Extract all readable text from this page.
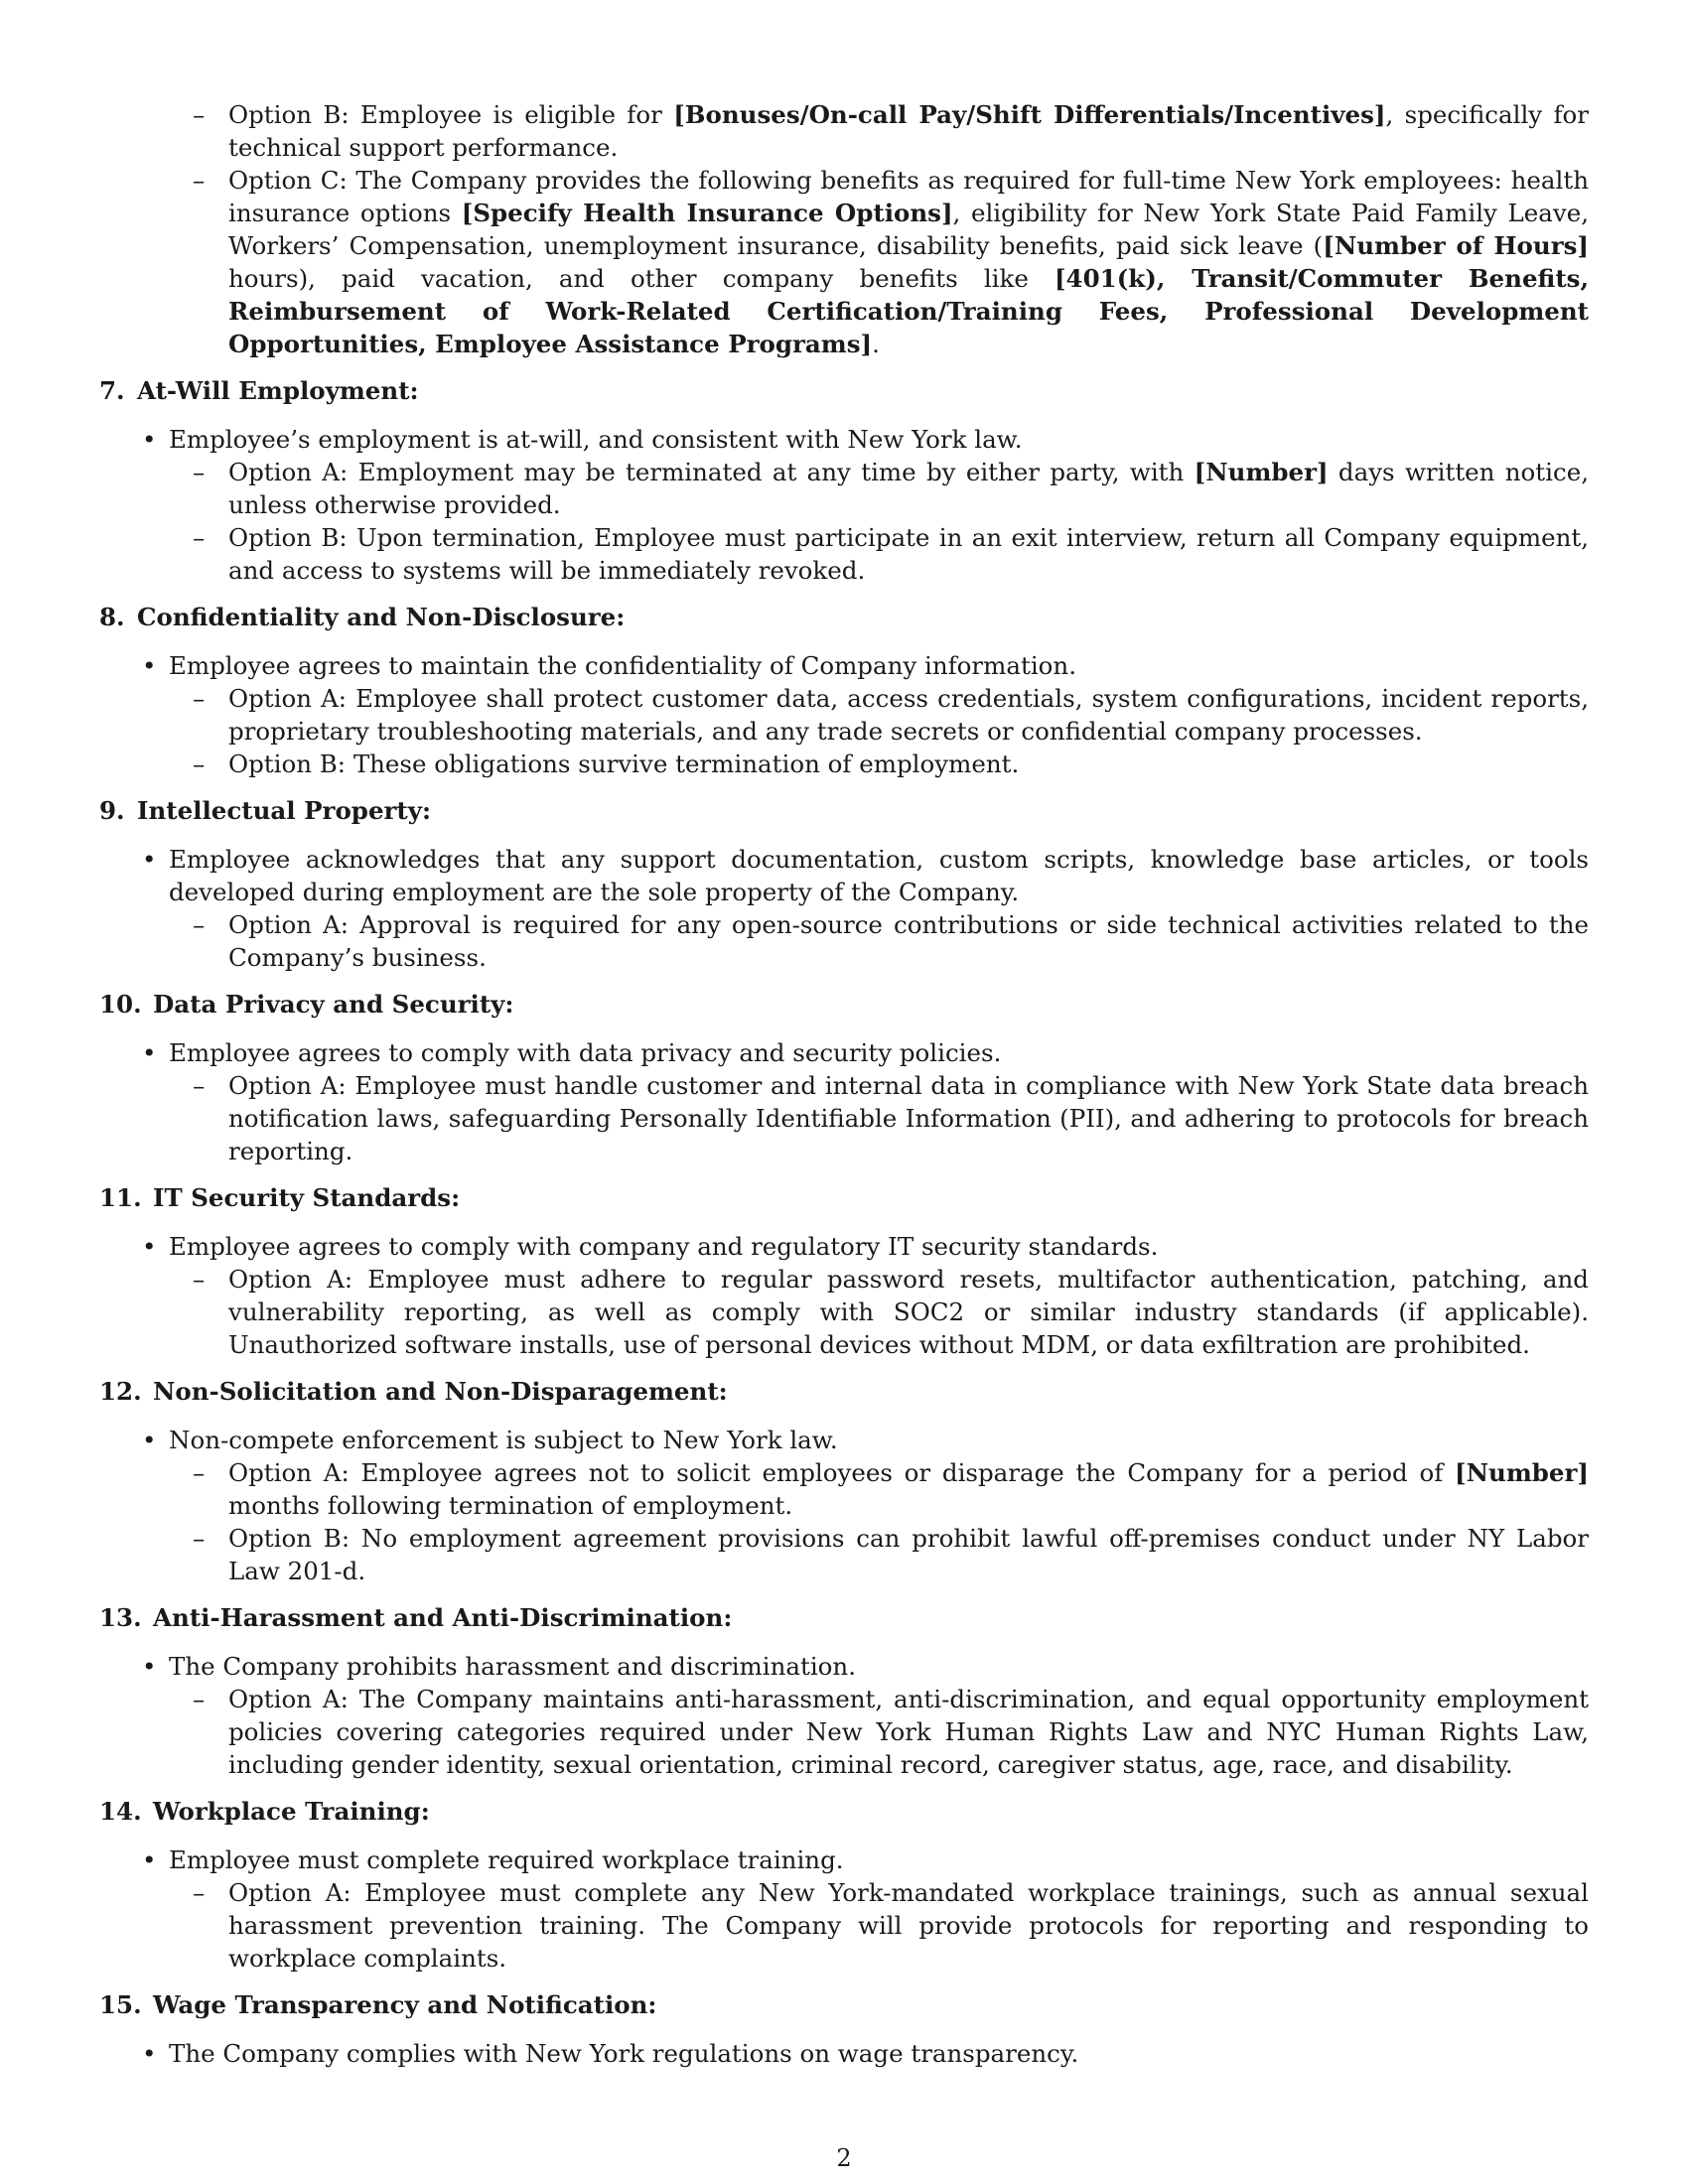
– Option B: Employee is eligible for [Bonuses/On-call Pay/Shift Differentials/Incentives], specifically for technical support performance.
– Option C: The Company provides the following benefits as required for full-time New York employees: health insurance options [Specify Health Insurance Options], eligibility for New York State Paid Family Leave, Workers’ Compensation, unemployment insurance, disability benefits, paid sick leave ([Number of Hours] hours), paid vacation, and other company benefits like [401(k), Transit/Commuter Benefits, Reimbursement of Work-Related Certification/Training Fees, Professional Development Opportunities, Employee Assistance Programs].
7. At-Will Employment:
• Employee’s employment is at-will, and consistent with New York law.
– Option A: Employment may be terminated at any time by either party, with [Number] days written notice, unless otherwise provided.
– Option B: Upon termination, Employee must participate in an exit interview, return all Company equipment, and access to systems will be immediately revoked.
8. Confidentiality and Non-Disclosure:
• Employee agrees to maintain the confidentiality of Company information.
– Option A: Employee shall protect customer data, access credentials, system configurations, incident reports, proprietary troubleshooting materials, and any trade secrets or confidential company processes.
– Option B: These obligations survive termination of employment.
9. Intellectual Property:
• Employee acknowledges that any support documentation, custom scripts, knowledge base articles, or tools developed during employment are the sole property of the Company.
– Option A: Approval is required for any open-source contributions or side technical activities related to the Company’s business.
10. Data Privacy and Security:
• Employee agrees to comply with data privacy and security policies.
– Option A: Employee must handle customer and internal data in compliance with New York State data breach notification laws, safeguarding Personally Identifiable Information (PII), and adhering to protocols for breach reporting.
11. IT Security Standards:
• Employee agrees to comply with company and regulatory IT security standards.
– Option A: Employee must adhere to regular password resets, multifactor authentication, patching, and vulnerability reporting, as well as comply with SOC2 or similar industry standards (if applicable). Unauthorized software installs, use of personal devices without MDM, or data exfiltration are prohibited.
12. Non-Solicitation and Non-Disparagement:
• Non-compete enforcement is subject to New York law.
– Option A: Employee agrees not to solicit employees or disparage the Company for a period of [Number] months following termination of employment.
– Option B: No employment agreement provisions can prohibit lawful off-premises conduct under NY Labor Law 201-d.
13. Anti-Harassment and Anti-Discrimination:
• The Company prohibits harassment and discrimination.
– Option A: The Company maintains anti-harassment, anti-discrimination, and equal opportunity employment policies covering categories required under New York Human Rights Law and NYC Human Rights Law, including gender identity, sexual orientation, criminal record, caregiver status, age, race, and disability.
14. Workplace Training:
• Employee must complete required workplace training.
– Option A: Employee must complete any New York-mandated workplace trainings, such as annual sexual harassment prevention training. The Company will provide protocols for reporting and responding to workplace complaints.
15. Wage Transparency and Notification:
• The Company complies with New York regulations on wage transparency.
2
